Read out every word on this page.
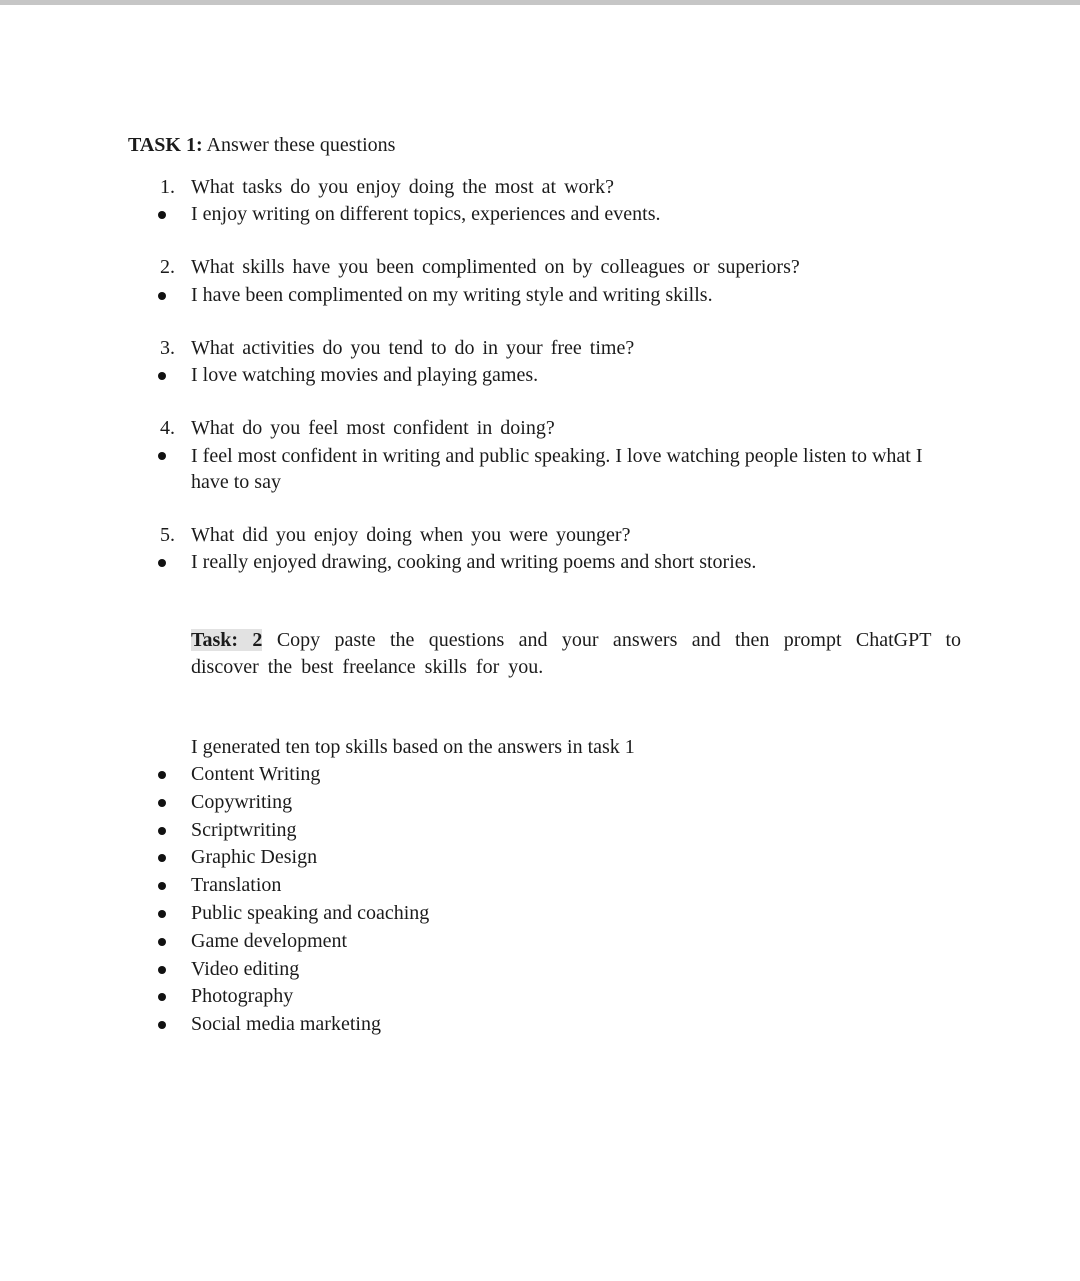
TASK 1: Answer these questions
1. What tasks do you enjoy doing the most at work?
I enjoy writing on different topics, experiences and events.
2. What skills have you been complimented on by colleagues or superiors?
I have been complimented on my writing style and writing skills.
3. What activities do you tend to do in your free time?
I love watching movies and playing games.
4. What do you feel most confident in doing?
I feel most confident in writing and public speaking. I love watching people listen to what I have to say
5. What did you enjoy doing when you were younger?
I really enjoyed drawing, cooking and writing poems and short stories.
Task: 2 Copy paste the questions and your answers and then prompt ChatGPT to discover the best freelance skills for you.
I generated ten top skills based on the answers in task 1
Content Writing
Copywriting
Scriptwriting
Graphic Design
Translation
Public speaking and coaching
Game development
Video editing
Photography
Social media marketing
